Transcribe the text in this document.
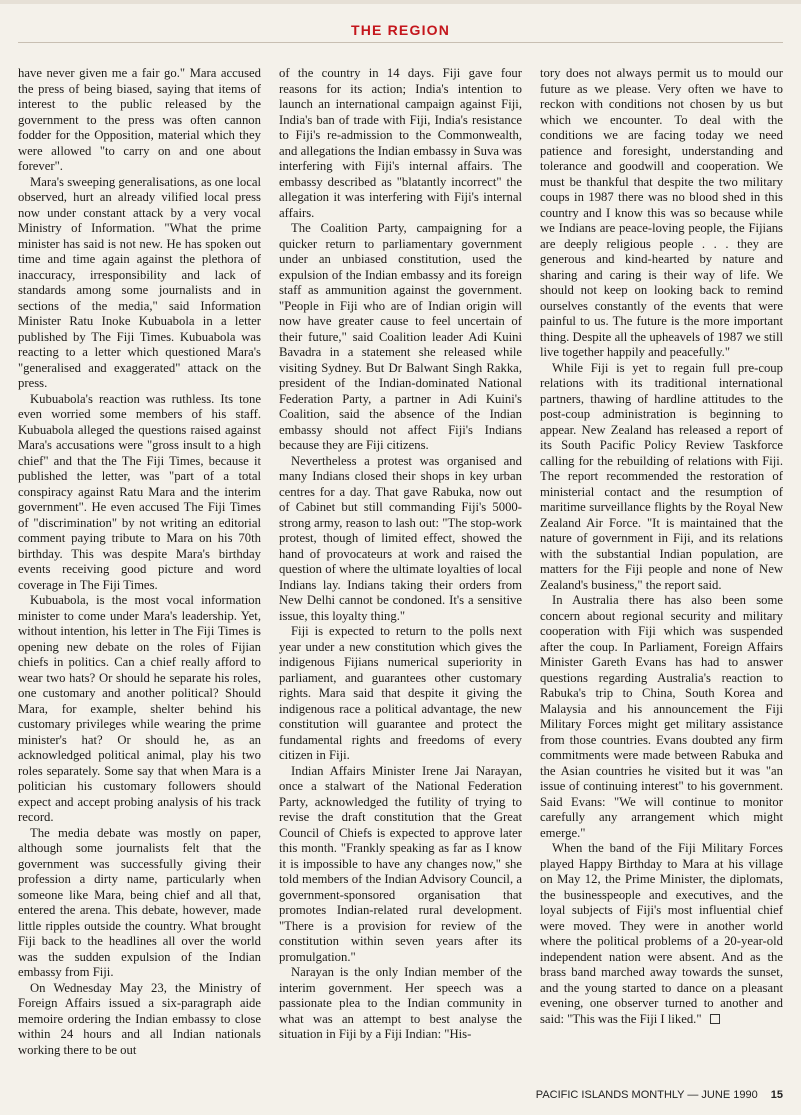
THE REGION

have never given me a fair go." Mara accused the press of being biased, saying that items of interest to the public released by the government to the press was often cannon fodder for the Opposition, material which they were allowed "to carry on and one about forever".

Mara's sweeping generalisations, as one local observed, hurt an already vilified local press now under constant attack by a very vocal Ministry of Information. "What the prime minister has said is not new. He has spoken out time and time again against the plethora of inaccuracy, irresponsibility and lack of standards among some journalists and in sections of the media," said Information Minister Ratu Inoke Kubuabola in a letter published by The Fiji Times. Kubuabola was reacting to a letter which questioned Mara's "generalised and exaggerated" attack on the press.

Kubuabola's reaction was ruthless. Its tone even worried some members of his staff. Kubuabola alleged the questions raised against Mara's accusations were "gross insult to a high chief" and that the The Fiji Times, because it published the letter, was "part of a total conspiracy against Ratu Mara and the interim government". He even accused The Fiji Times of "discrimination" by not writing an editorial comment paying tribute to Mara on his 70th birthday. This was despite Mara's birthday events receiving good picture and word coverage in The Fiji Times.

Kubuabola, is the most vocal information minister to come under Mara's leadership. Yet, without intention, his letter in The Fiji Times is opening new debate on the roles of Fijian chiefs in politics. Can a chief really afford to wear two hats? Or should he separate his roles, one customary and another political? Should Mara, for example, shelter behind his customary privileges while wearing the prime minister's hat? Or should he, as an acknowledged political animal, play his two roles separately. Some say that when Mara is a politician his customary followers should expect and accept probing analysis of his track record.

The media debate was mostly on paper, although some journalists felt that the government was successfully giving their profession a dirty name, particularly when someone like Mara, being chief and all that, entered the arena. This debate, however, made little ripples outside the country. What brought Fiji back to the headlines all over the world was the sudden expulsion of the Indian embassy from Fiji.

On Wednesday May 23, the Ministry of Foreign Affairs issued a six-paragraph aide memoire ordering the Indian embassy to close within 24 hours and all Indian nationals working there to be out

of the country in 14 days. Fiji gave four reasons for its action; India's intention to launch an international campaign against Fiji, India's ban of trade with Fiji, India's resistance to Fiji's re-admission to the Commonwealth, and allegations the Indian embassy in Suva was interfering with Fiji's internal affairs. The embassy described as "blatantly incorrect" the allegation it was interfering with Fiji's internal affairs.

The Coalition Party, campaigning for a quicker return to parliamentary government under an unbiased constitution, used the expulsion of the Indian embassy and its foreign staff as ammunition against the government. "People in Fiji who are of Indian origin will now have greater cause to feel uncertain of their future," said Coalition leader Adi Kuini Bavadra in a statement she released while visiting Sydney. But Dr Balwant Singh Rakka, president of the Indian-dominated National Federation Party, a partner in Adi Kuini's Coalition, said the absence of the Indian embassy should not affect Fiji's Indians because they are Fiji citizens.

Nevertheless a protest was organised and many Indians closed their shops in key urban centres for a day. That gave Rabuka, now out of Cabinet but still commanding Fiji's 5000-strong army, reason to lash out: "The stop-work protest, though of limited effect, showed the hand of provocateurs at work and raised the question of where the ultimate loyalties of local Indians lay. Indians taking their orders from New Delhi cannot be condoned. It's a sensitive issue, this loyalty thing."

Fiji is expected to return to the polls next year under a new constitution which gives the indigenous Fijians numerical superiority in parliament, and guarantees other customary rights. Mara said that despite it giving the indigenous race a political advantage, the new constitution will guarantee and protect the fundamental rights and freedoms of every citizen in Fiji.

Indian Affairs Minister Irene Jai Narayan, once a stalwart of the National Federation Party, acknowledged the futility of trying to revise the draft constitution that the Great Council of Chiefs is expected to approve later this month. "Frankly speaking as far as I know it is impossible to have any changes now," she told members of the Indian Advisory Council, a government-sponsored organisation that promotes Indian-related rural development. "There is a provision for review of the constitution within seven years after its promulgation."

Narayan is the only Indian member of the interim government. Her speech was a passionate plea to the Indian community in what was an attempt to best analyse the situation in Fiji by a Fiji Indian: "His-

tory does not always permit us to mould our future as we please. Very often we have to reckon with conditions not chosen by us but which we encounter. To deal with the conditions we are facing today we need patience and foresight, understanding and tolerance and goodwill and cooperation. We must be thankful that despite the two military coups in 1987 there was no blood shed in this country and I know this was so because while we Indians are peace-loving people, the Fijians are deeply religious people . . . they are generous and kind-hearted by nature and sharing and caring is their way of life. We should not keep on looking back to remind ourselves constantly of the events that were painful to us. The future is the more important thing. Despite all the upheavels of 1987 we still live together happily and peacefully."

While Fiji is yet to regain full pre-coup relations with its traditional international partners, thawing of hardline attitudes to the post-coup administration is beginning to appear. New Zealand has released a report of its South Pacific Policy Review Taskforce calling for the rebuilding of relations with Fiji. The report recommended the restoration of ministerial contact and the resumption of maritime surveillance flights by the Royal New Zealand Air Force. "It is maintained that the nature of government in Fiji, and its relations with the substantial Indian population, are matters for the Fiji people and none of New Zealand's business," the report said.

In Australia there has also been some concern about regional security and military cooperation with Fiji which was suspended after the coup. In Parliament, Foreign Affairs Minister Gareth Evans has had to answer questions regarding Australia's reaction to Rabuka's trip to China, South Korea and Malaysia and his announcement the Fiji Military Forces might get military assistance from those countries. Evans doubted any firm commitments were made between Rabuka and the Asian countries he visited but it was "an issue of continuing interest" to his government. Said Evans: "We will continue to monitor carefully any arrangement which might emerge."

When the band of the Fiji Military Forces played Happy Birthday to Mara at his village on May 12, the Prime Minister, the diplomats, the businesspeople and executives, and the loyal subjects of Fiji's most influential chief were moved. They were in another world where the political problems of a 20-year-old independent nation were absent. And as the brass band marched away towards the sunset, and the young started to dance on a pleasant evening, one observer turned to another and said: "This was the Fiji I liked."

PACIFIC ISLANDS MONTHLY — JUNE 1990 15
